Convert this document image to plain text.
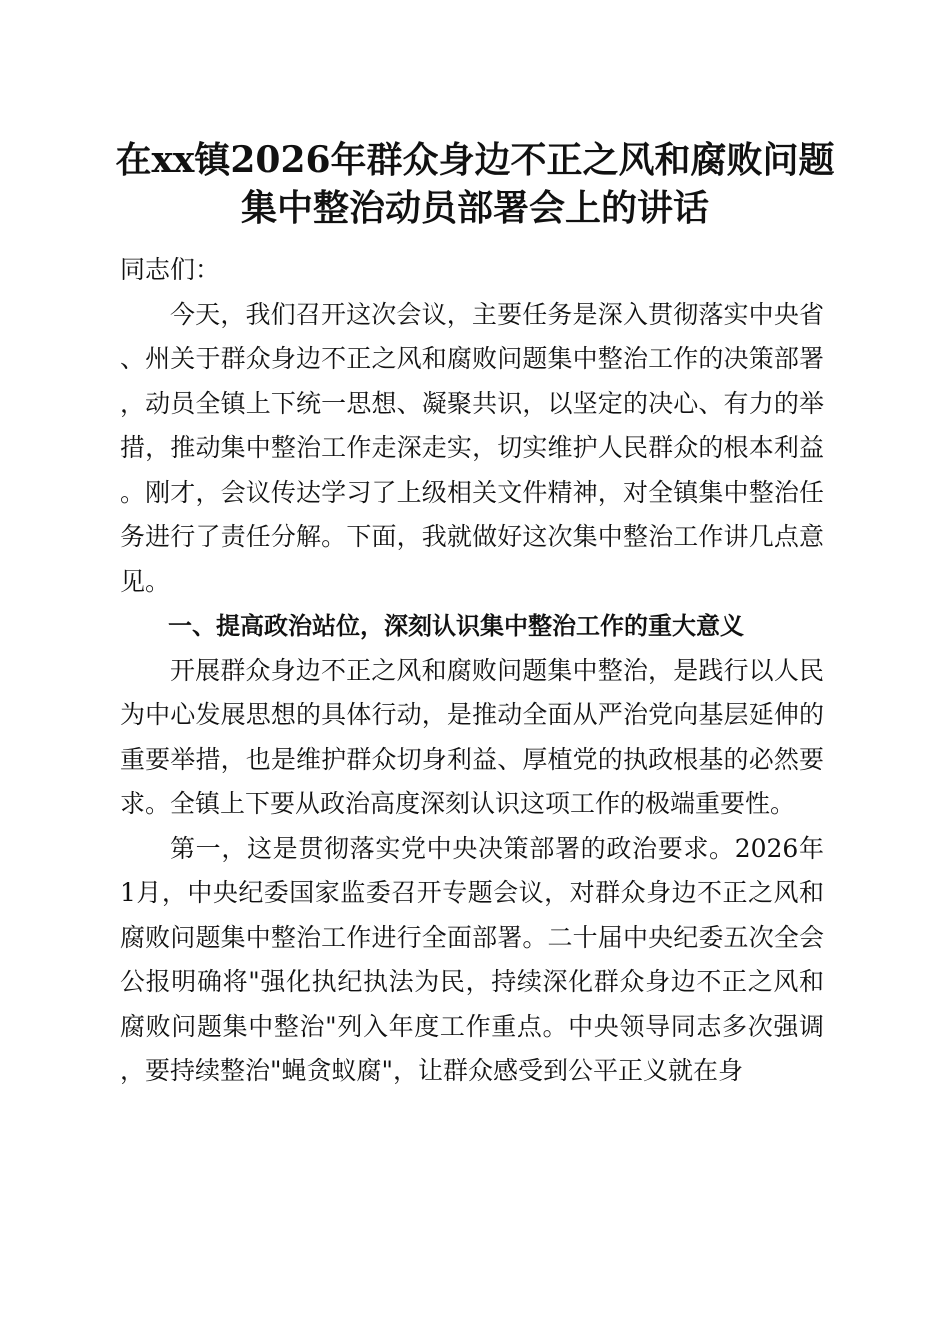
在xx镇2026年群众身边不正之风和腐败问题
集中整治动员部署会上的讲话

同志们：

今天，我们召开这次会议，主要任务是深入贯彻落实中央省、州关于群众身边不正之风和腐败问题集中整治工作的决策部署，动员全镇上下统一思想、凝聚共识，以坚定的决心、有力的举措，推动集中整治工作走深走实，切实维护人民群众的根本利益。刚才，会议传达学习了上级相关文件精神，对全镇集中整治任务进行了责任分解。下面，我就做好这次集中整治工作讲几点意见。

一、提高政治站位，深刻认识集中整治工作的重大意义

开展群众身边不正之风和腐败问题集中整治，是践行以人民为中心发展思想的具体行动，是推动全面从严治党向基层延伸的重要举措，也是维护群众切身利益、厚植党的执政根基的必然要求。全镇上下要从政治高度深刻认识这项工作的极端重要性。

第一，这是贯彻落实党中央决策部署的政治要求。2026年1月，中央纪委国家监委召开专题会议，对群众身边不正之风和腐败问题集中整治工作进行全面部署。二十届中央纪委五次全会公报明确将"强化执纪执法为民，持续深化群众身边不正之风和腐败问题集中整治"列入年度工作重点。中央领导同志多次强调，要持续整治"蝇贪蚁腐"，让群众感受到公平正义就在身
